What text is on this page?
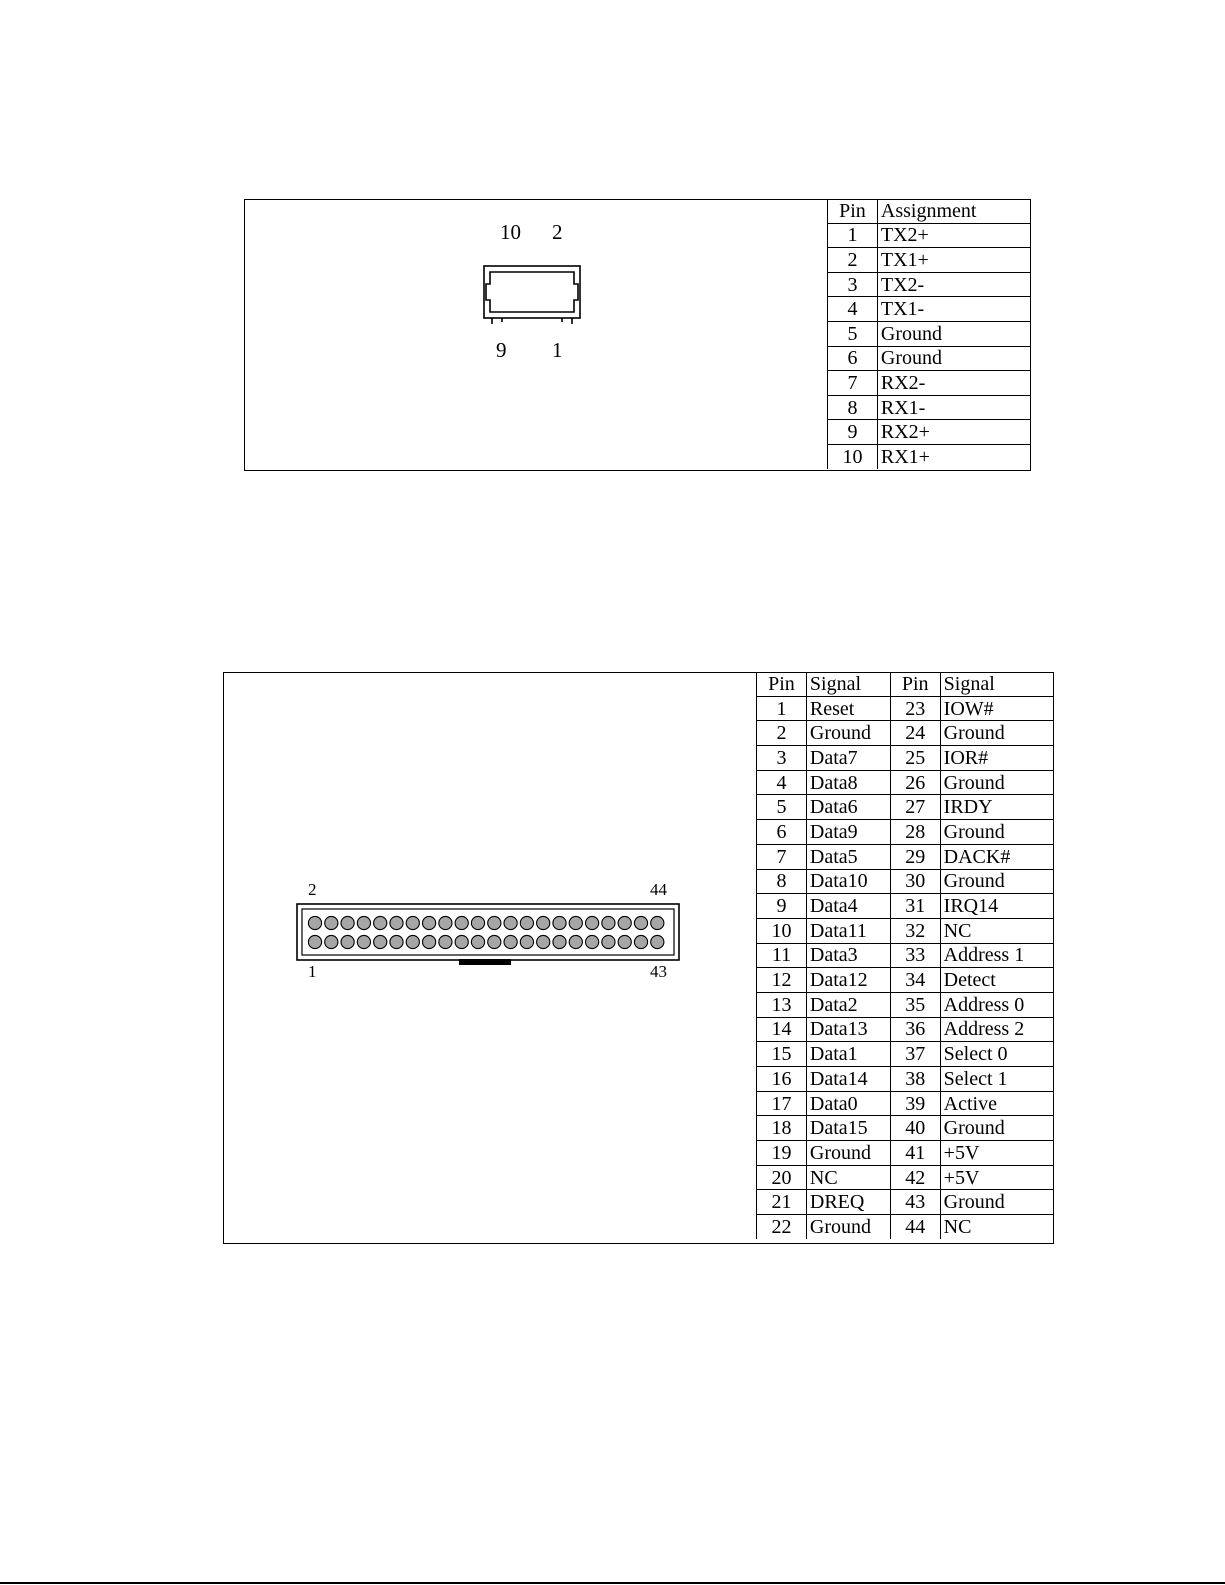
10 2
9 1
Pin	Assignment
1	TX2+
2	TX1+
3	TX2-
4	TX1-
5	Ground
6	Ground
7	RX2-
8	RX1-
9	RX2+
10	RX1+
2	44
1	43
Pin	Signal	Pin	Signal
1	Reset	23	IOW#
2	Ground	24	Ground
3	Data7	25	IOR#
4	Data8	26	Ground
5	Data6	27	IRDY
6	Data9	28	Ground
7	Data5	29	DACK#
8	Data10	30	Ground
9	Data4	31	IRQ14
10	Data11	32	NC
11	Data3	33	Address 1
12	Data12	34	Detect
13	Data2	35	Address 0
14	Data13	36	Address 2
15	Data1	37	Select 0
16	Data14	38	Select 1
17	Data0	39	Active
18	Data15	40	Ground
19	Ground	41	+5V
20	NC	42	+5V
21	DREQ	43	Ground
22	Ground	44	NC
